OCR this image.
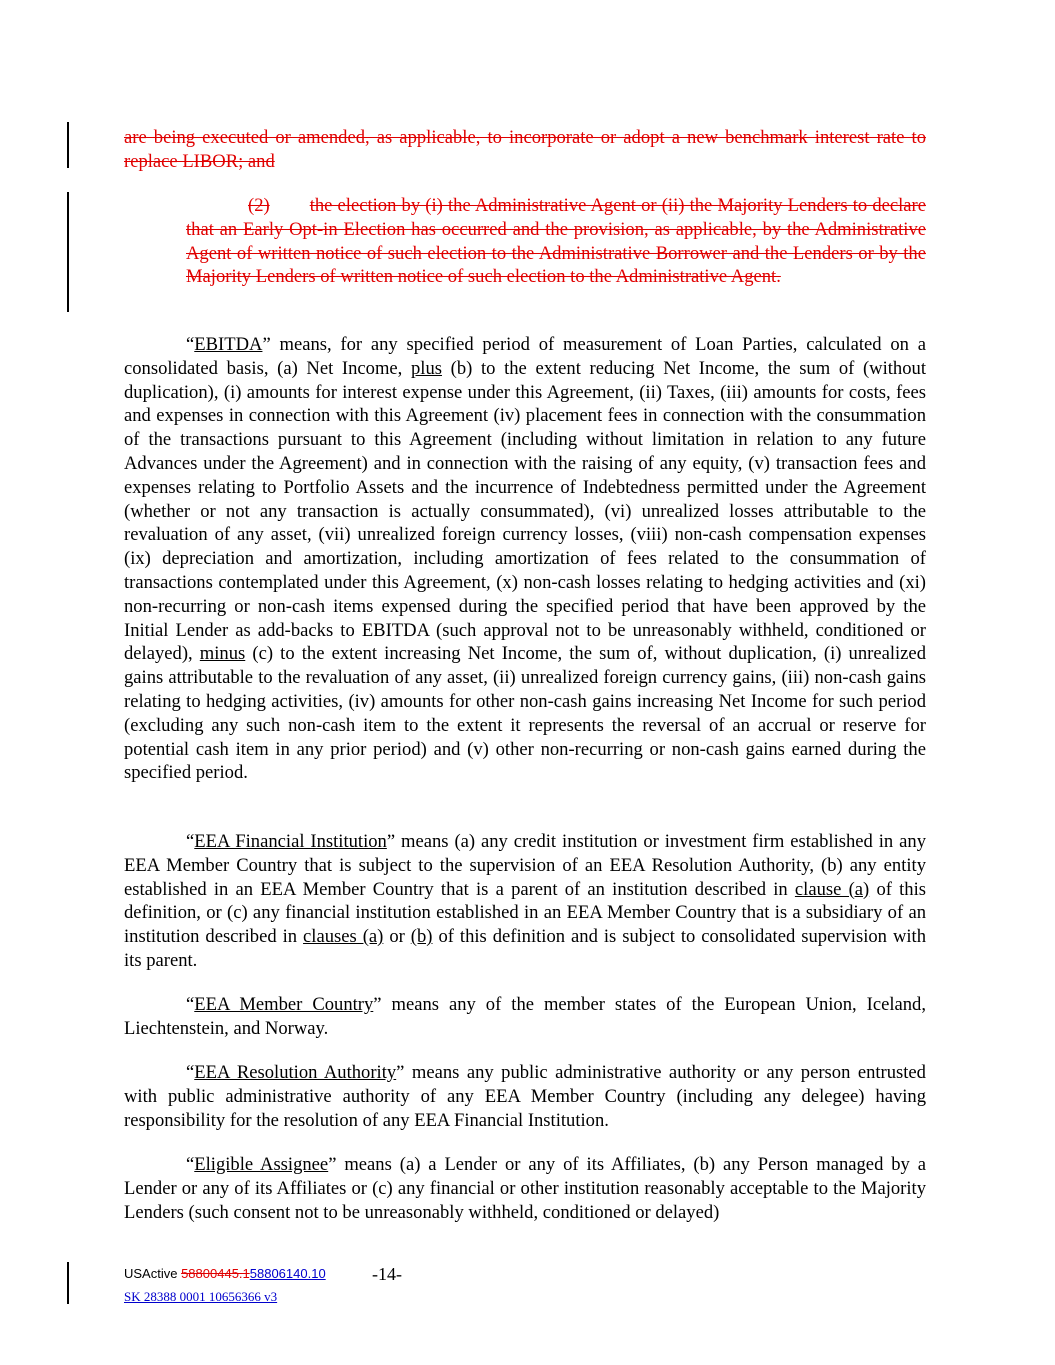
are being executed or amended, as applicable, to incorporate or adopt a new benchmark interest rate to replace LIBOR; and

(2) the election by (i) the Administrative Agent or (ii) the Majority Lenders to declare that an Early Opt-in Election has occurred and the provision, as applicable, by the Administrative Agent of written notice of such election to the Administrative Borrower and the Lenders or by the Majority Lenders of written notice of such election to the Administrative Agent.

“EBITDA” means, for any specified period of measurement of Loan Parties, calculated on a consolidated basis, (a) Net Income, plus (b) to the extent reducing Net Income, the sum of (without duplication), (i) amounts for interest expense under this Agreement, (ii) Taxes, (iii) amounts for costs, fees and expenses in connection with this Agreement (iv) placement fees in connection with the consummation of the transactions pursuant to this Agreement (including without limitation in relation to any future Advances under the Agreement) and in connection with the raising of any equity, (v) transaction fees and expenses relating to Portfolio Assets and the incurrence of Indebtedness permitted under the Agreement (whether or not any transaction is actually consummated), (vi) unrealized losses attributable to the revaluation of any asset, (vii) unrealized foreign currency losses, (viii) non-cash compensation expenses (ix) depreciation and amortization, including amortization of fees related to the consummation of transactions contemplated under this Agreement, (x) non-cash losses relating to hedging activities and (xi) non-recurring or non-cash items expensed during the specified period that have been approved by the Initial Lender as add-backs to EBITDA (such approval not to be unreasonably withheld, conditioned or delayed), minus (c) to the extent increasing Net Income, the sum of, without duplication, (i) unrealized gains attributable to the revaluation of any asset, (ii) unrealized foreign currency gains, (iii) non-cash gains relating to hedging activities, (iv) amounts for other non-cash gains increasing Net Income for such period (excluding any such non-cash item to the extent it represents the reversal of an accrual or reserve for potential cash item in any prior period) and (v) other non-recurring or non-cash gains earned during the specified period.

“EEA Financial Institution” means (a) any credit institution or investment firm established in any EEA Member Country that is subject to the supervision of an EEA Resolution Authority, (b) any entity established in an EEA Member Country that is a parent of an institution described in clause (a) of this definition, or (c) any financial institution established in an EEA Member Country that is a subsidiary of an institution described in clauses (a) or (b) of this definition and is subject to consolidated supervision with its parent.

“EEA Member Country” means any of the member states of the European Union, Iceland, Liechtenstein, and Norway.

“EEA Resolution Authority” means any public administrative authority or any person entrusted with public administrative authority of any EEA Member Country (including any delegee) having responsibility for the resolution of any EEA Financial Institution.

“Eligible Assignee” means (a) a Lender or any of its Affiliates, (b) any Person managed by a Lender or any of its Affiliates or (c) any financial or other institution reasonably acceptable to the Majority Lenders (such consent not to be unreasonably withheld, conditioned or delayed)

USActive 58800445.158806140.10	-14-
SK 28388 0001 10656366 v3
